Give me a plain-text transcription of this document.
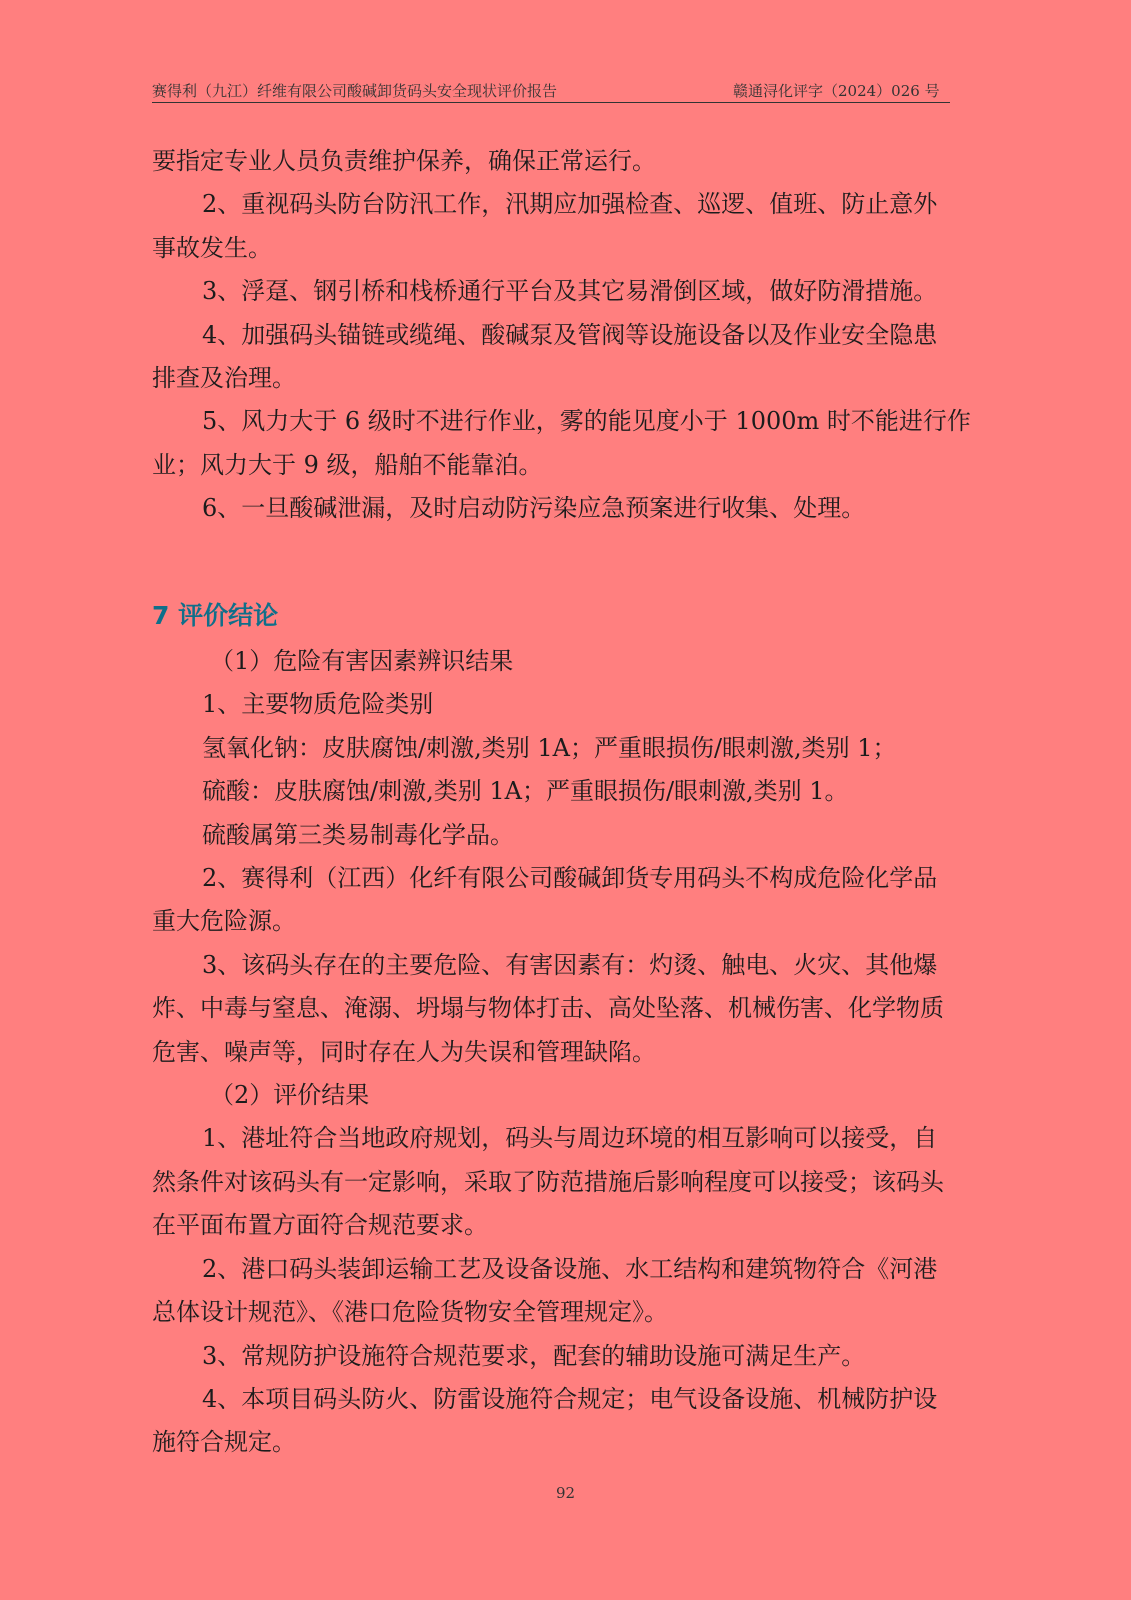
赛得利（九江）纤维有限公司酸碱卸货码头安全现状评价报告	赣通浔化评字（2024）026 号

要指定专业人员负责维护保养，确保正常运行。

2、重视码头防台防汛工作，汛期应加强检查、巡逻、值班、防止意外

事故发生。

3、浮趸、钢引桥和栈桥通行平台及其它易滑倒区域，做好防滑措施。

4、加强码头锚链或缆绳、酸碱泵及管阀等设施设备以及作业安全隐患

排查及治理。

5、风力大于 6 级时不进行作业，雾的能见度小于 1000m 时不能进行作

业；风力大于 9 级，船舶不能靠泊。

6、一旦酸碱泄漏，及时启动防污染应急预案进行收集、处理。

7 评价结论

（1）危险有害因素辨识结果

1、主要物质危险类别

氢氧化钠：皮肤腐蚀/刺激,类别 1A；严重眼损伤/眼刺激,类别 1；

硫酸：皮肤腐蚀/刺激,类别 1A；严重眼损伤/眼刺激,类别 1。

硫酸属第三类易制毒化学品。

2、赛得利（江西）化纤有限公司酸碱卸货专用码头不构成危险化学品

重大危险源。

3、该码头存在的主要危险、有害因素有：灼烫、触电、火灾、其他爆

炸、中毒与窒息、淹溺、坍塌与物体打击、高处坠落、机械伤害、化学物质

危害、噪声等，同时存在人为失误和管理缺陷。

（2）评价结果

1、港址符合当地政府规划，码头与周边环境的相互影响可以接受，自

然条件对该码头有一定影响，采取了防范措施后影响程度可以接受；该码头

在平面布置方面符合规范要求。

2、港口码头装卸运输工艺及设备设施、水工结构和建筑物符合《河港

总体设计规范》、《港口危险货物安全管理规定》。

3、常规防护设施符合规范要求，配套的辅助设施可满足生产。

4、本项目码头防火、防雷设施符合规定；电气设备设施、机械防护设

施符合规定。

92
